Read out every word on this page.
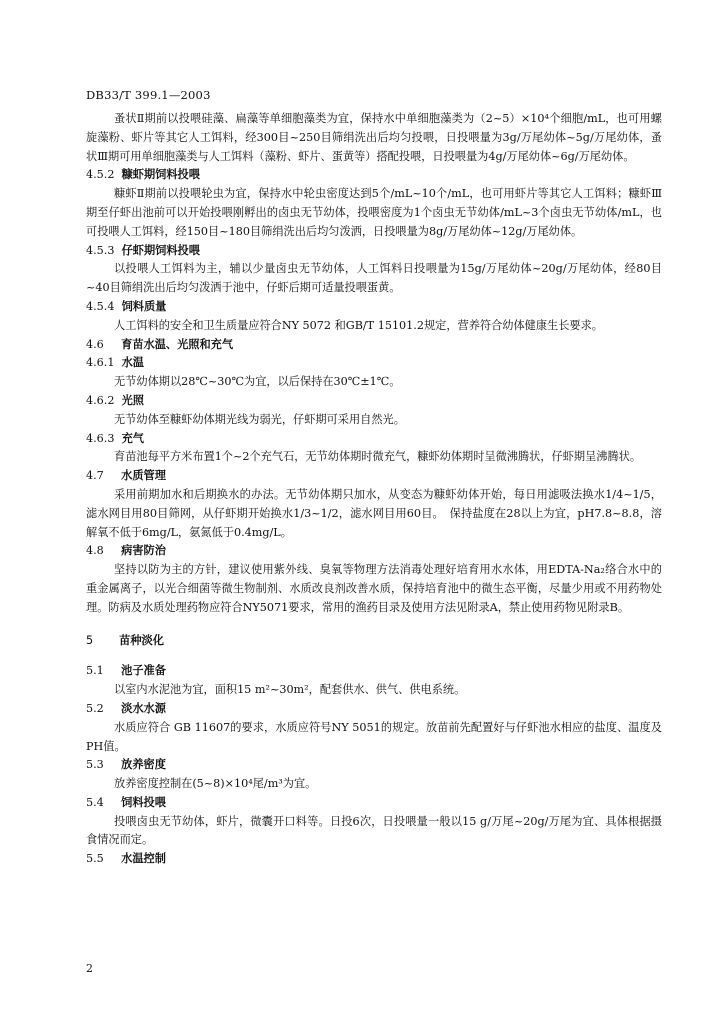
DB33/T 399.1—2003

蚤状Ⅱ期前以投喂硅藻、扁藻等单细胞藻类为宜，保持水中单细胞藻类为（2~5）×10⁴个细胞/mL，也可用螺旋藻粉、虾片等其它人工饵料，经300目~250目筛绢洗出后均匀投喂，日投喂量为3g/万尾幼体~5g/万尾幼体，蚤状Ⅲ期可用单细胞藻类与人工饵料（藻粉、虾片、蛋黄等）搭配投喂，日投喂量为4g/万尾幼体~6g/万尾幼体。

4.5.2 糠虾期饲料投喂

糠虾Ⅱ期前以投喂轮虫为宜，保持水中轮虫密度达到5个/mL~10个/mL，也可用虾片等其它人工饵料；糠虾Ⅲ期至仔虾出池前可以开始投喂刚孵出的卤虫无节幼体，投喂密度为1个卤虫无节幼体/mL~3个卤虫无节幼体/mL，也可投喂人工饵料，经150目~180目筛绢洗出后均匀泼洒，日投喂量为8g/万尾幼体~12g/万尾幼体。

4.5.3 仔虾期饲料投喂

以投喂人工饵料为主，辅以少量卤虫无节幼体，人工饵料日投喂量为15g/万尾幼体~20g/万尾幼体，经80目~40目筛绢洗出后均匀泼洒于池中，仔虾后期可适量投喂蛋黄。

4.5.4 饲料质量

人工饵料的安全和卫生质量应符合NY 5072 和GB/T 15101.2规定，营养符合幼体健康生长要求。

4.6 育苗水温、光照和充气
4.6.1 水温

无节幼体期以28℃~30℃为宜，以后保持在30℃±1℃。

4.6.2 光照

无节幼体至糠虾幼体期光线为弱光，仔虾期可采用自然光。

4.6.3 充气

育苗池每平方米布置1个~2个充气石，无节幼体期时微充气，糠虾幼体期时呈微沸腾状，仔虾期呈沸腾状。

4.7 水质管理

采用前期加水和后期换水的办法。无节幼体期只加水，从变态为糠虾幼体开始，每日用滤吸法换水1/4~1/5，滤水网目用80目筛网，从仔虾期开始换水1/3~1/2，滤水网目用60目。　保持盐度在28以上为宜，pH7.8~8.8，溶解氧不低于6mg/L，氨氮低于0.4mg/L。

4.8 病害防治

坚持以防为主的方针，建议使用紫外线、臭氧等物理方法消毒处理好培育用水水体，用EDTA-Na₂络合水中的重金属离子，以光合细菌等微生物制剂、水质改良剂改善水质，保持培育池中的微生态平衡，尽量少用或不用药物处理。防病及水质处理药物应符合NY5071要求，常用的渔药目录及使用方法见附录A，禁止使用药物见附录B。

5 苗种淡化
5.1 池子准备

以室内水泥池为宜，面积15 m²~30m²，配套供水、供气、供电系统。

5.2 淡水水源

水质应符合 GB 11607的要求，水质应符号NY 5051的规定。放苗前先配置好与仔虾池水相应的盐度、温度及PH值。

5.3 放养密度

放养密度控制在(5~8)×10⁴尾/m³为宜。

5.4 饲料投喂

投喂卤虫无节幼体，虾片，微囊开口料等。日投6次，日投喂量一般以15 g/万尾~20g/万尾为宜、具体根据摄食情况而定。

5.5 水温控制
2
